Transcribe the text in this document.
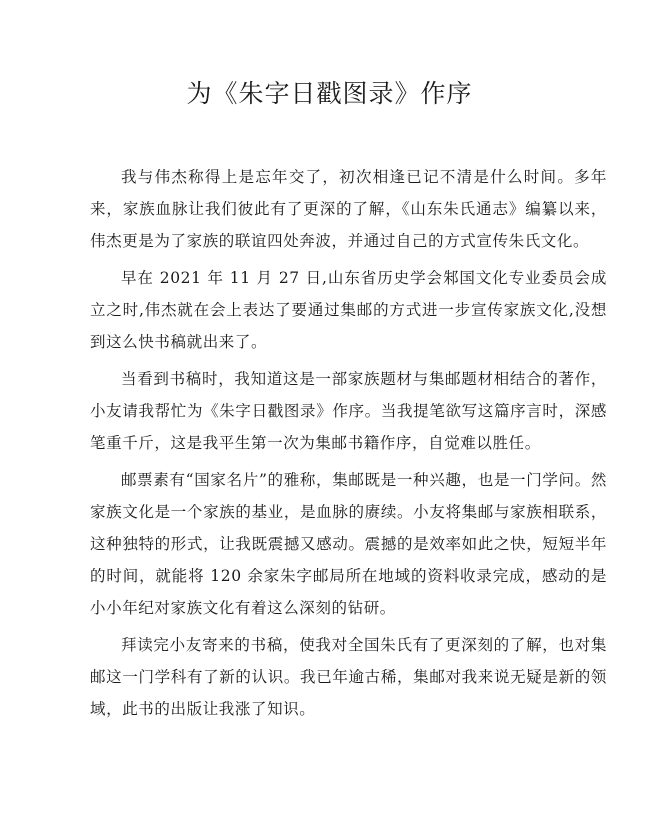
为《朱字日戳图录》作序

我与伟杰称得上是忘年交了，初次相逢已记不清是什么时间。多年来，家族血脉让我们彼此有了更深的了解，《山东朱氏通志》编纂以来，伟杰更是为了家族的联谊四处奔波，并通过自己的方式宣传朱氏文化。

早在 2021 年 11 月 27 日,山东省历史学会邾国文化专业委员会成立之时,伟杰就在会上表达了要通过集邮的方式进一步宣传家族文化,没想到这么快书稿就出来了。

当看到书稿时，我知道这是一部家族题材与集邮题材相结合的著作，小友请我帮忙为《朱字日戳图录》作序。当我提笔欲写这篇序言时，深感笔重千斤，这是我平生第一次为集邮书籍作序，自觉难以胜任。

邮票素有“国家名片”的雅称，集邮既是一种兴趣，也是一门学问。然家族文化是一个家族的基业，是血脉的赓续。小友将集邮与家族相联系，这种独特的形式，让我既震撼又感动。震撼的是效率如此之快，短短半年的时间，就能将 120 余家朱字邮局所在地域的资料收录完成，感动的是小小年纪对家族文化有着这么深刻的钻研。

拜读完小友寄来的书稿，使我对全国朱氏有了更深刻的了解，也对集邮这一门学科有了新的认识。我已年逾古稀，集邮对我来说无疑是新的领域，此书的出版让我涨了知识。
